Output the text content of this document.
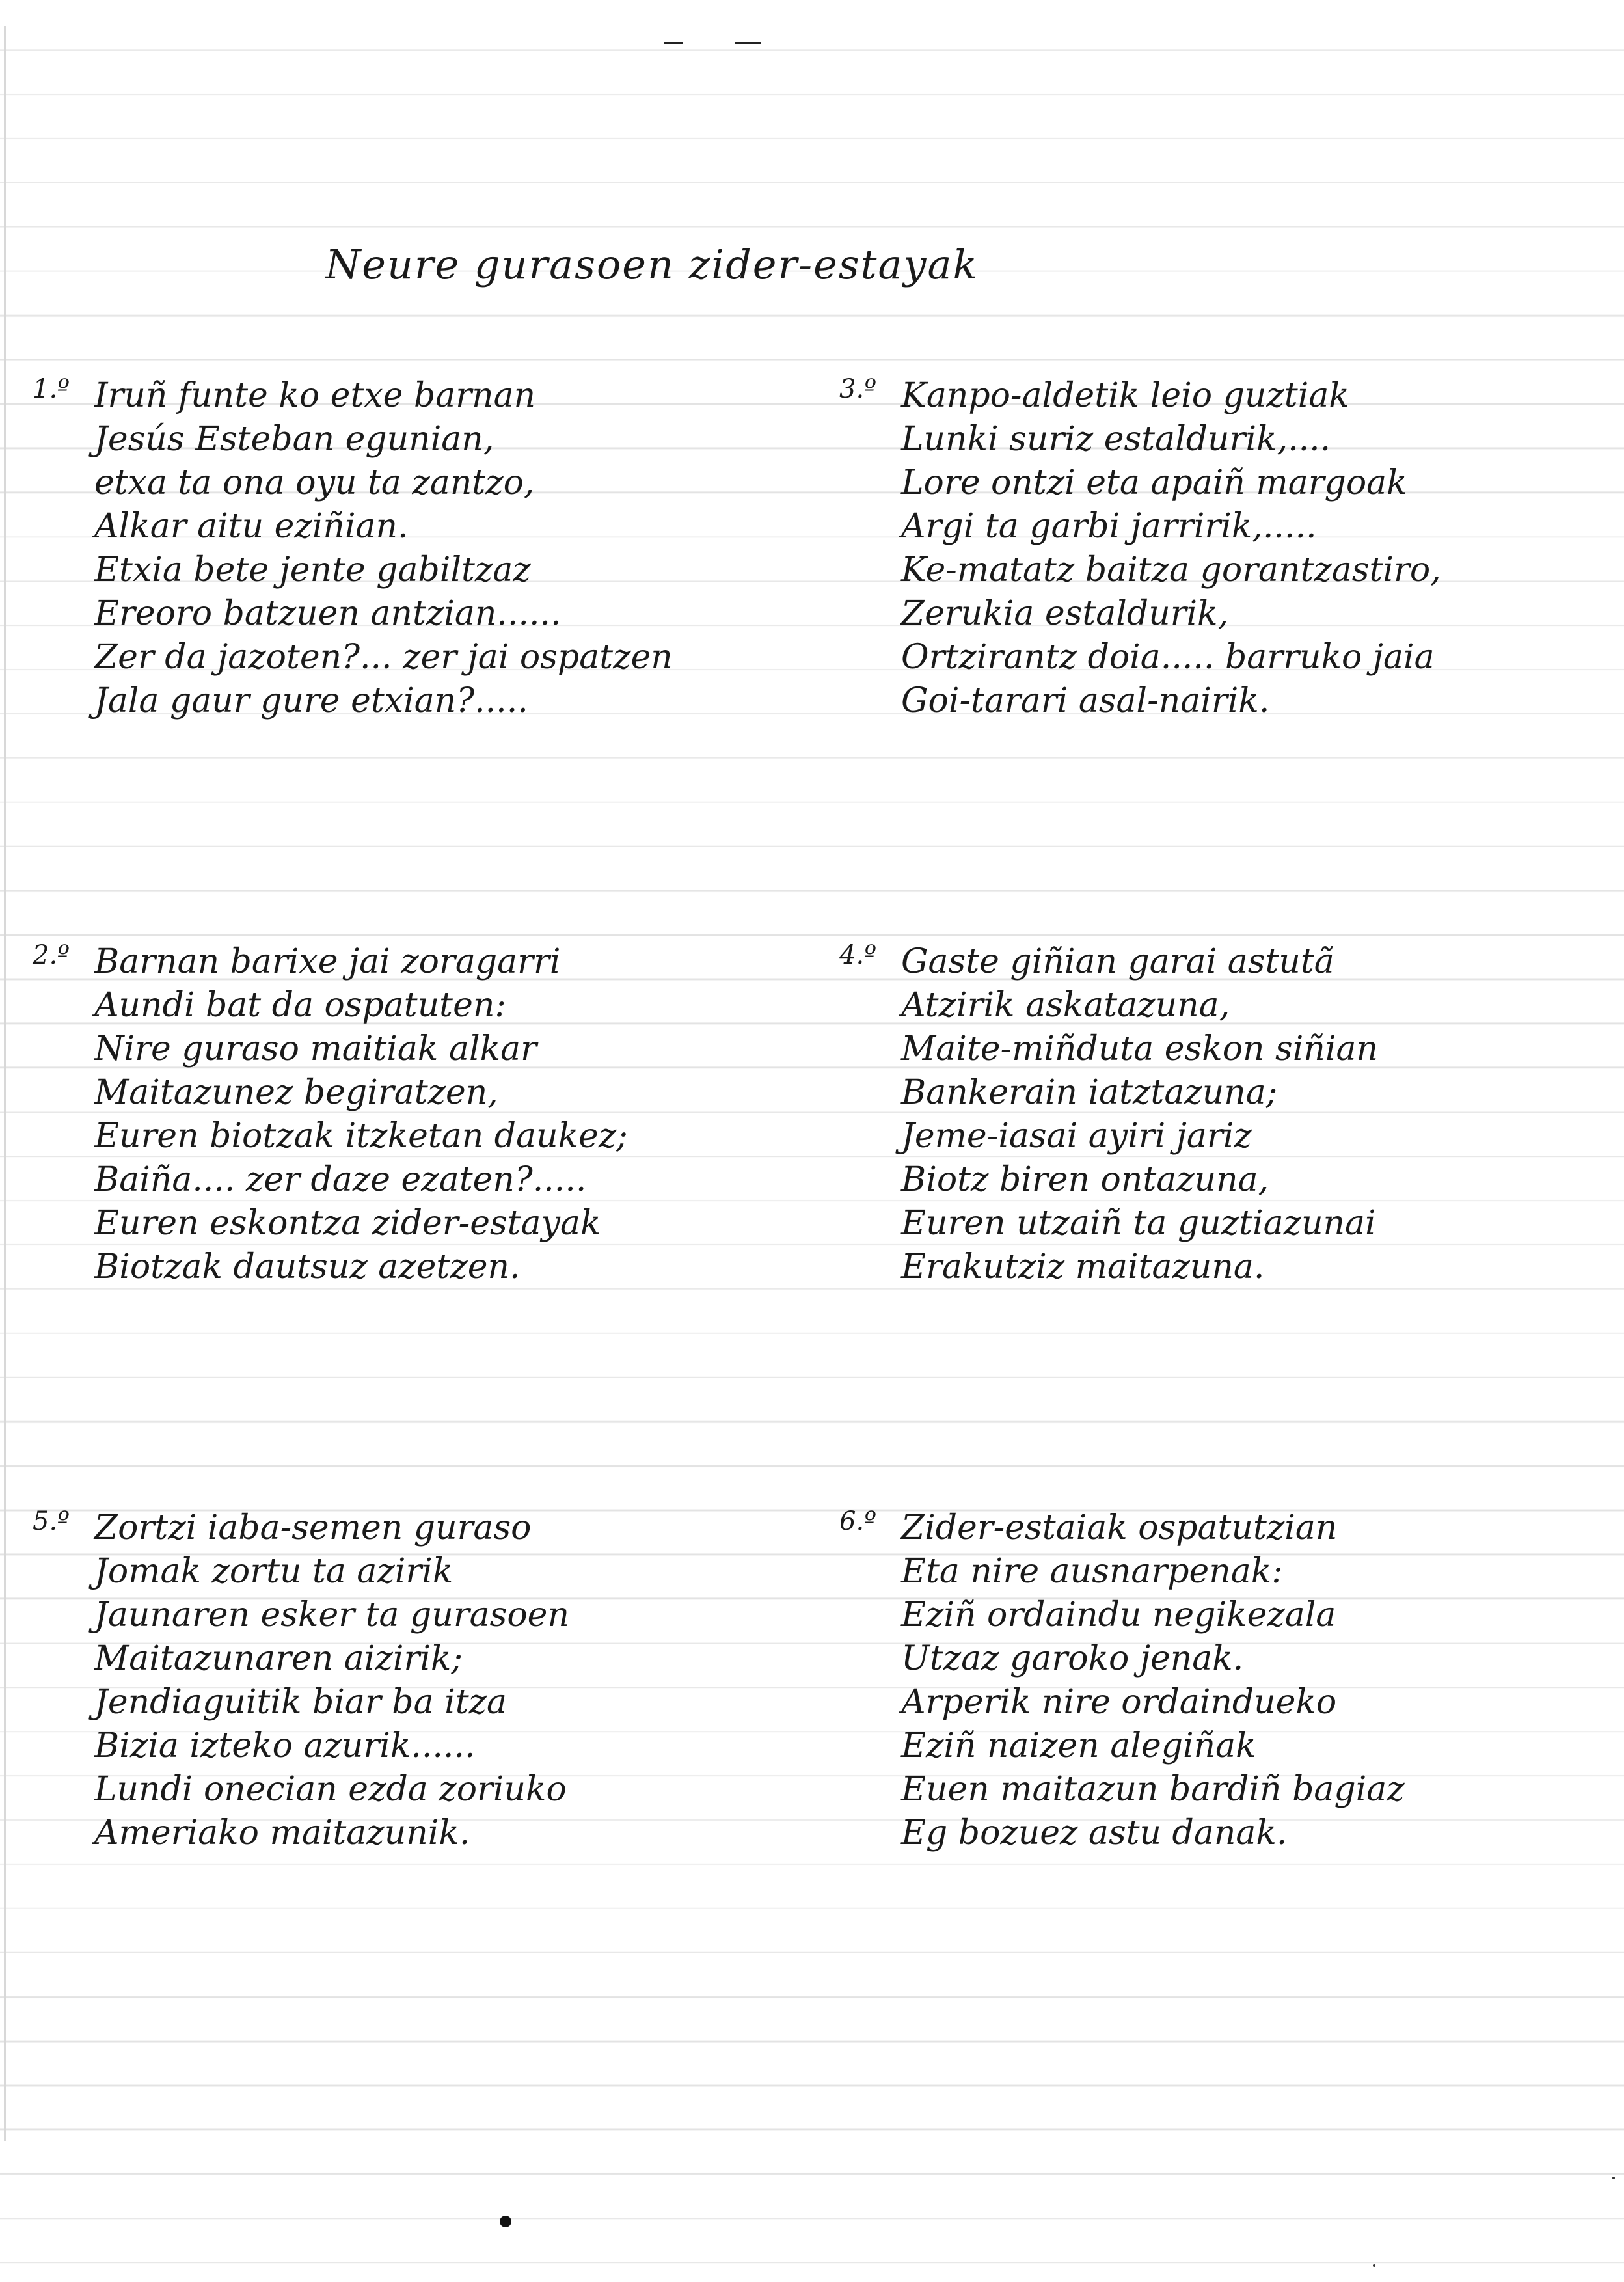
Neure gurasoen zider-estayak
1.º Iruñ funte ko etxe barnan
Jesús Esteban egunian,
etxa ta ona oyu ta zantzo,
Alkar aitu eziñian.
Etxia bete jente gabiltzaz
Ereoro batzuen antzian......
Zer da jazoten?... zer jai ospatzen
Jala gaur gure etxian?.....
2.º Barnan barixe jai zoragarri
Aundi bat da ospatuten:
Nire guraso maitiak alkar
Maitazunez begiratzen,
Euren biotzak itzketan daukez;
Baiña.... zer daze ezaten?.....
Euren eskontza zider-estayak
Biotzak dautsuz azetzen.
3.º Kanpo-aldetik leio guztiak
Lunki suriz estaldurik,....
Lore ontzi eta apaiñ margoak
Argi ta garbi jarririk,.....
Ke-matatz baitza gorantzastiro,
Zerukia estaldurik,
Ortzirantz doia..... barruko jaia
Goi-tarari asal-nairik.
4.º Gaste giñian garai astutã
Atzirik askatazuna,
Maite-miñduta eskon siñian
Bankerain iatztazuna;
Jeme-iasai ayiri jariz
Biotz biren ontazuna,
Euren utzaiñ ta guztiazunai
Erakutziz maitazuna.
5.º Zortzi iaba-semen guraso
Jomak zortu ta azirik
Jaunaren esker ta gurasoen
Maitazunaren aizirik;
Jendiaguitik biar ba itza
Bizia izteko azurik......
Lundi onecian ezda zoriuko
Ameriako maitazunik.
6.º Zider-estaiak ospatutzian
Eta nire ausnarpenak:
Eziñ ordaindu negikezala
Utzaz garoko jenak.
Arperik nire ordaindueko
Eziñ naizen alegiñak
Euen maitazun bardiñ bagiaz
Eg bozuez astu danak.
